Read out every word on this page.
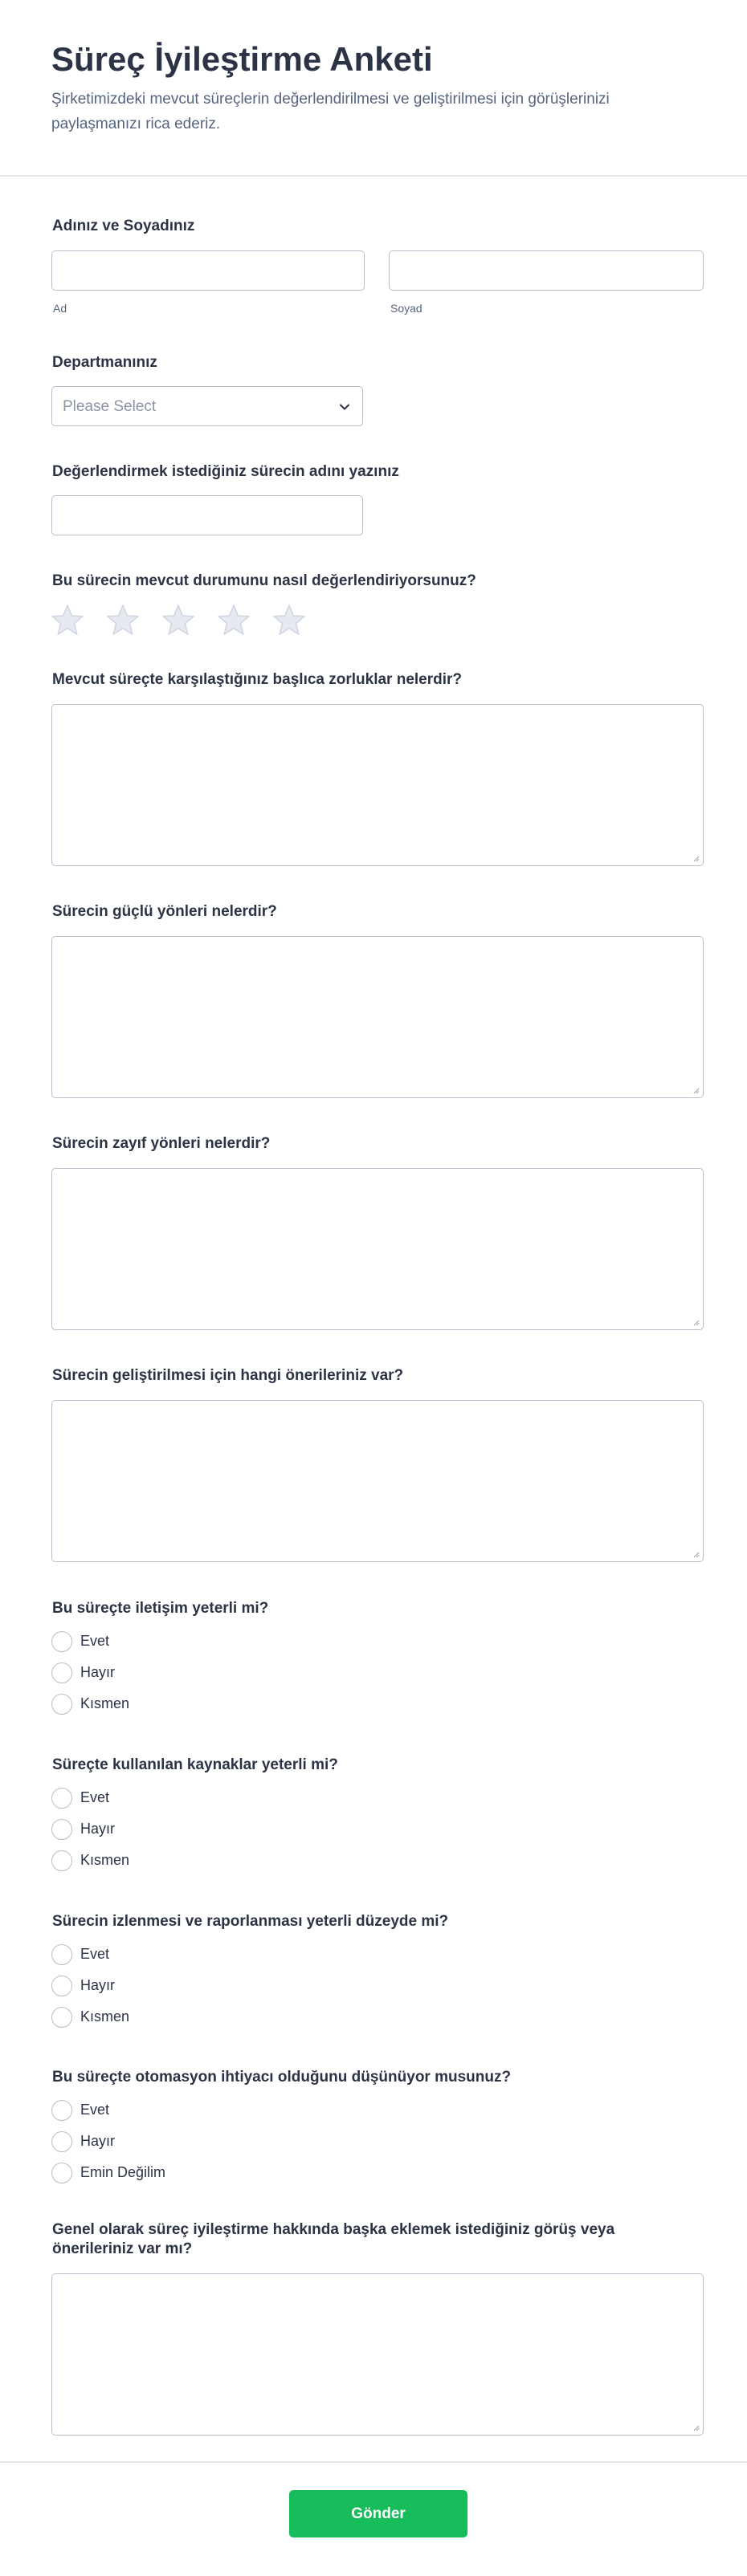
Süreç İyileştirme Anketi
Şirketimizdeki mevcut süreçlerin değerlendirilmesi ve geliştirilmesi için görüşlerinizi paylaşmanızı rica ederiz.
Adınız ve Soyadınız
Ad	Soyad
Departmanınız
Please Select
Değerlendirmek istediğiniz sürecin adını yazınız
Bu sürecin mevcut durumunu nasıl değerlendiriyorsunuz?
Mevcut süreçte karşılaştığınız başlıca zorluklar nelerdir?
Sürecin güçlü yönleri nelerdir?
Sürecin zayıf yönleri nelerdir?
Sürecin geliştirilmesi için hangi önerileriniz var?
Bu süreçte iletişim yeterli mi?
Evet
Hayır
Kısmen
Süreçte kullanılan kaynaklar yeterli mi?
Evet
Hayır
Kısmen
Sürecin izlenmesi ve raporlanması yeterli düzeyde mi?
Evet
Hayır
Kısmen
Bu süreçte otomasyon ihtiyacı olduğunu düşünüyor musunuz?
Evet
Hayır
Emin Değilim
Genel olarak süreç iyileştirme hakkında başka eklemek istediğiniz görüş veya önerileriniz var mı?
Gönder
